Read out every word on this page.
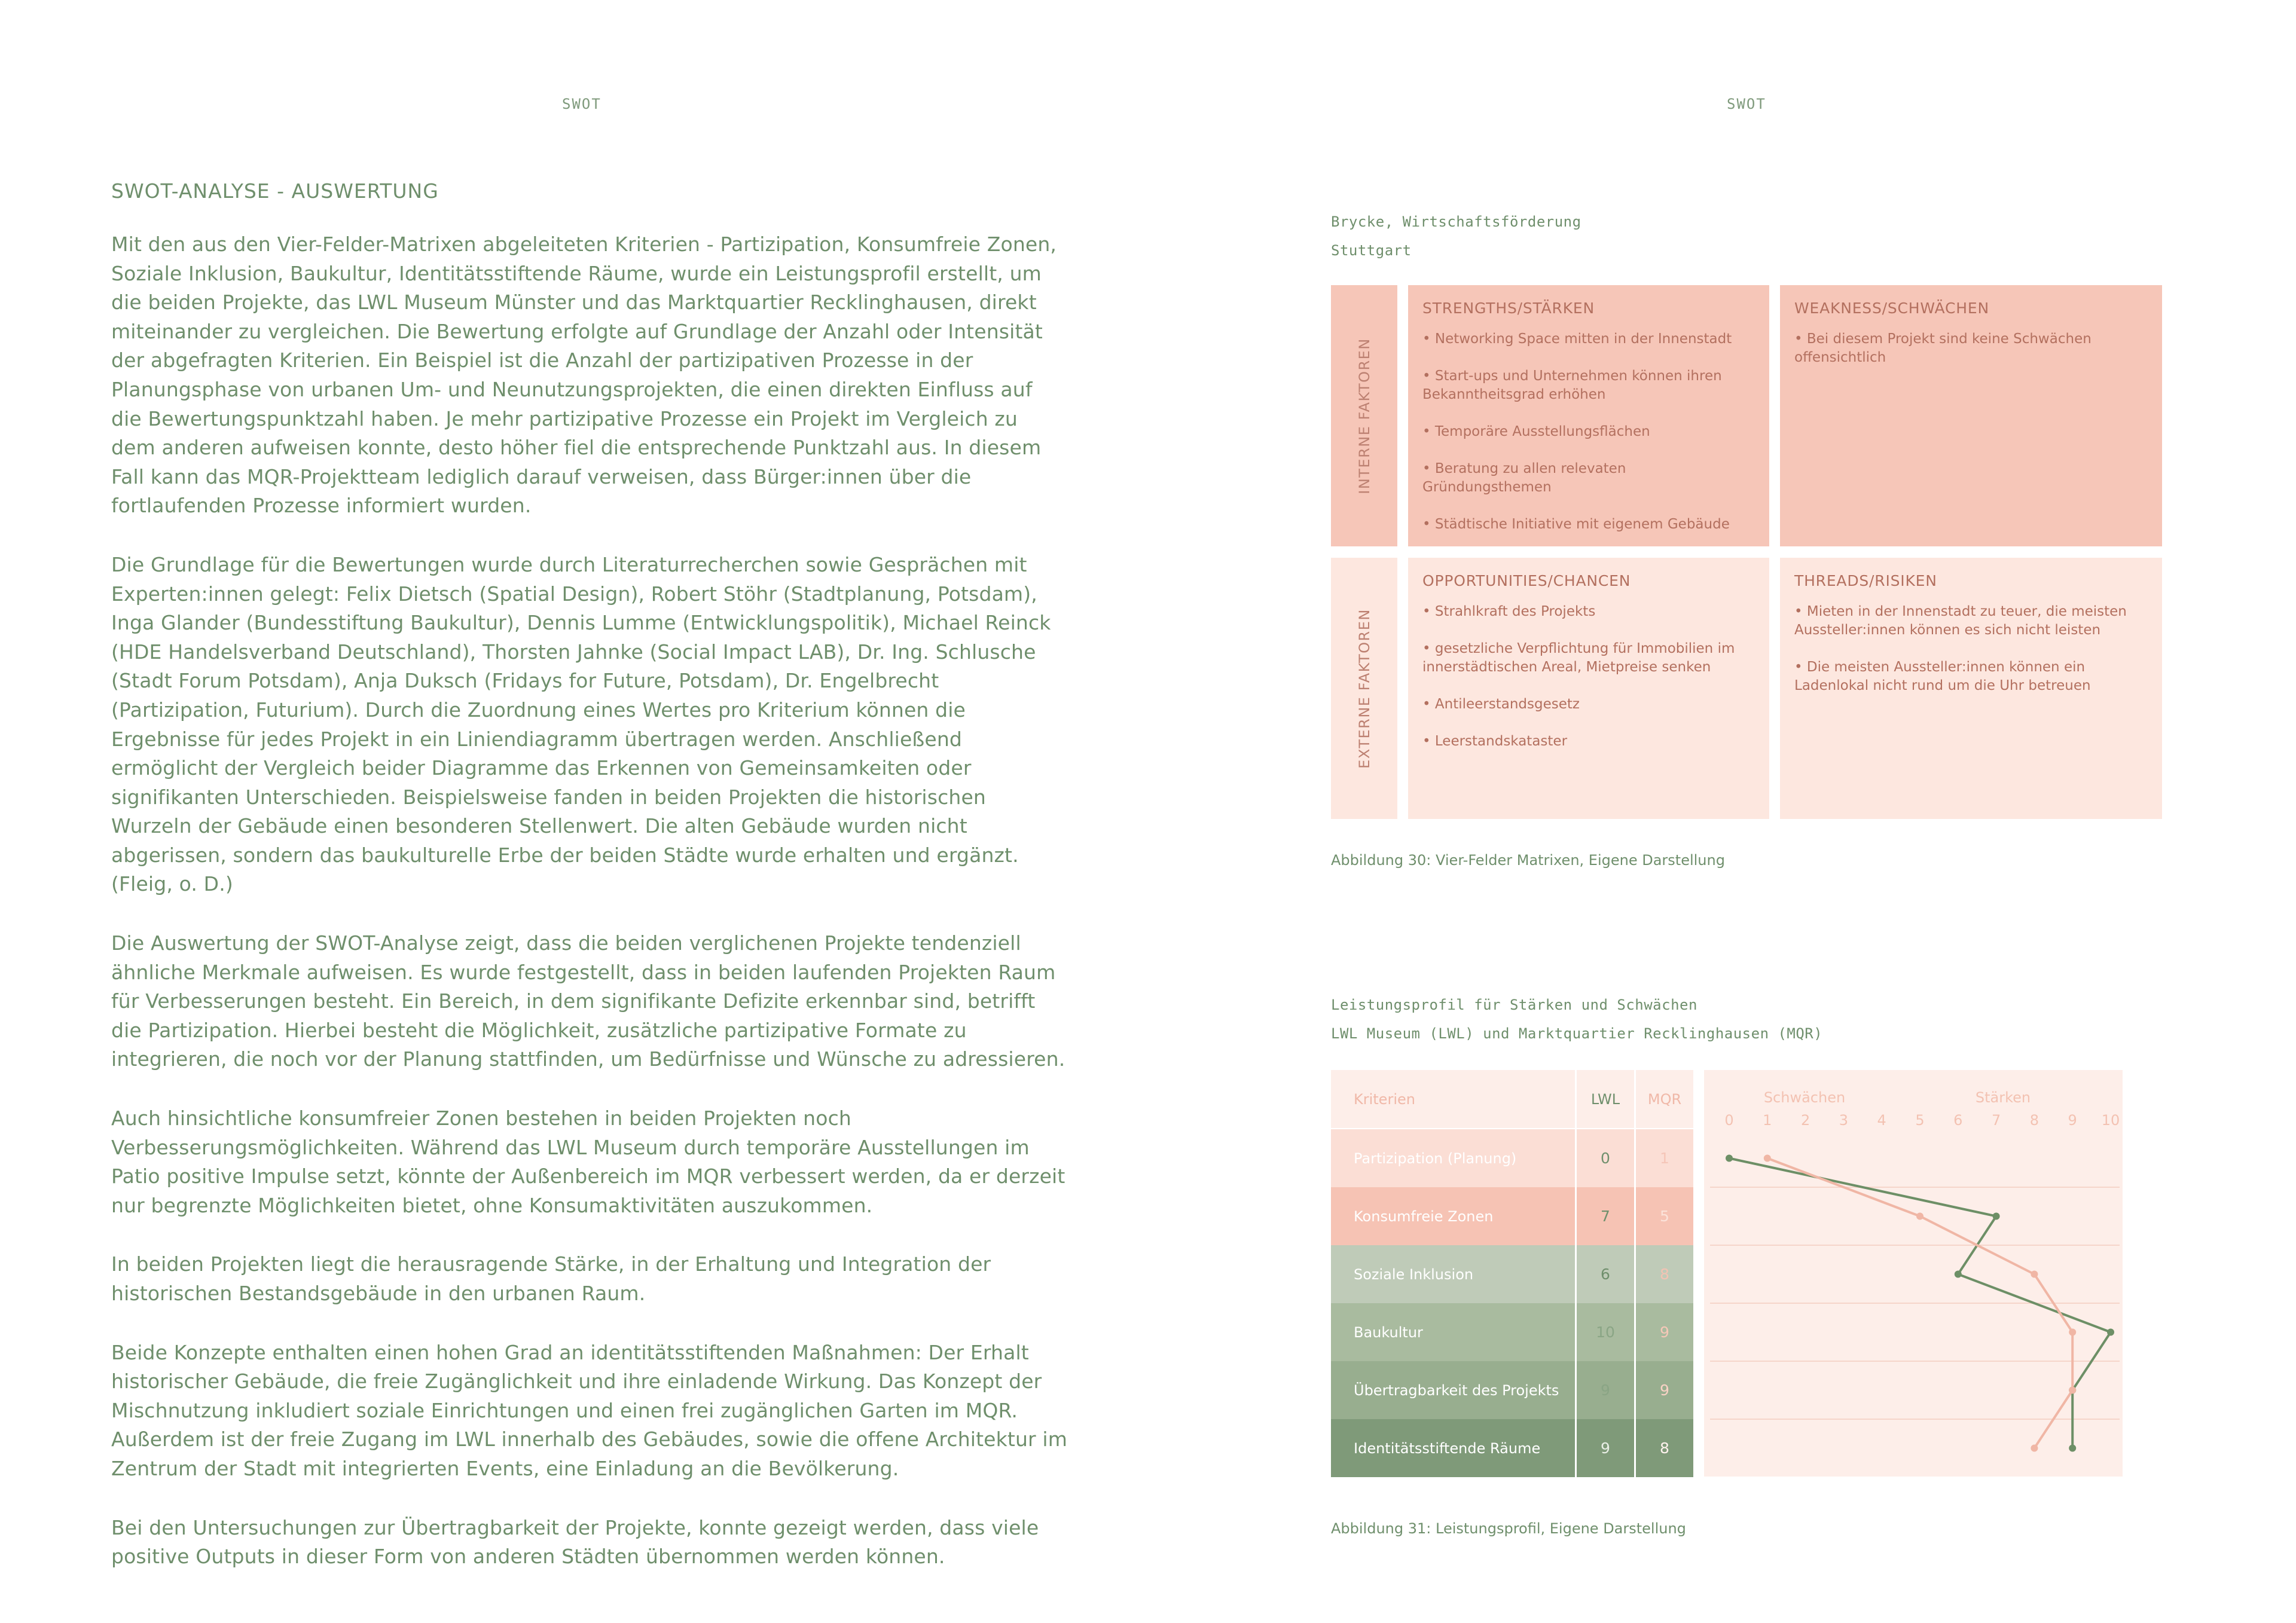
SWOT	SWOT
SWOT-ANALYSE - AUSWERTUNG

Mit den aus den Vier-Felder-Matrixen abgeleiteten Kriterien - Partizipation, Konsumfreie Zonen, Soziale Inklusion, Baukultur, Identitätsstiftende Räume, wurde ein Leistungsprofil erstellt, um die beiden Projekte, das LWL Museum Münster und das Marktquartier Recklinghausen, direkt miteinander zu vergleichen. Die Bewertung erfolgte auf Grundlage der Anzahl oder Intensität der abgefragten Kriterien. Ein Beispiel ist die Anzahl der partizipativen Prozesse in der Planungsphase von urbanen Um- und Neunutzungsprojekten, die einen direkten Einfluss auf die Bewertungspunktzahl haben. Je mehr partizipative Prozesse ein Projekt im Vergleich zu dem anderen aufweisen konnte, desto höher fiel die entsprechende Punktzahl aus. In diesem Fall kann das MQR-Projektteam lediglich darauf verweisen, dass Bürger:innen über die fortlaufenden Prozesse informiert wurden.

Die Grundlage für die Bewertungen wurde durch Literaturrecherchen sowie Gesprächen mit Experten:innen gelegt: Felix Dietsch (Spatial Design), Robert Stöhr (Stadtplanung, Potsdam), Inga Glander (Bundesstiftung Baukultur), Dennis Lumme (Entwicklungspolitik), Michael Reinck (HDE Handelsverband Deutschland), Thorsten Jahnke (Social Impact LAB), Dr. Ing. Schlusche (Stadt Forum Potsdam), Anja Duksch (Fridays for Future, Potsdam), Dr. Engelbrecht (Partizipation, Futurium). Durch die Zuordnung eines Wertes pro Kriterium können die Ergebnisse für jedes Projekt in ein Liniendiagramm übertragen werden. Anschließend ermöglicht der Vergleich beider Diagramme das Erkennen von Gemeinsamkeiten oder signifikanten Unterschieden. Beispielsweise fanden in beiden Projekten die historischen Wurzeln der Gebäude einen besonderen Stellenwert. Die alten Gebäude wurden nicht abgerissen, sondern das baukulturelle Erbe der beiden Städte wurde erhalten und ergänzt. (Fleig, o. D.)

Die Auswertung der SWOT-Analyse zeigt, dass die beiden verglichenen Projekte tendenziell ähnliche Merkmale aufweisen. Es wurde festgestellt, dass in beiden laufenden Projekten Raum für Verbesserungen besteht. Ein Bereich, in dem signifikante Defizite erkennbar sind, betrifft die Partizipation. Hierbei besteht die Möglichkeit, zusätzliche partizipative Formate zu integrieren, die noch vor der Planung stattfinden, um Bedürfnisse und Wünsche zu adressieren.

Auch hinsichtliche konsumfreier Zonen bestehen in beiden Projekten noch Verbesserungsmöglichkeiten. Während das LWL Museum durch temporäre Ausstellungen im Patio positive Impulse setzt, könnte der Außenbereich im MQR verbessert werden, da er derzeit nur begrenzte Möglichkeiten bietet, ohne Konsumaktivitäten auszukommen.

In beiden Projekten liegt die herausragende Stärke, in der Erhaltung und Integration der historischen Bestandsgebäude in den urbanen Raum.

Beide Konzepte enthalten einen hohen Grad an identitätsstiftenden Maßnahmen: Der Erhalt historischer Gebäude, die freie Zugänglichkeit und ihre einladende Wirkung. Das Konzept der Mischnutzung inkludiert soziale Einrichtungen und einen frei zugänglichen Garten im MQR. Außerdem ist der freie Zugang im LWL innerhalb des Gebäudes, sowie die offene Architektur im Zentrum der Stadt mit integrierten Events, eine Einladung an die Bevölkerung.

Bei den Untersuchungen zur Übertragbarkeit der Projekte, konnte gezeigt werden, dass viele positive Outputs in dieser Form von anderen Städten übernommen werden können.

Brycke, Wirtschaftsförderung
Stuttgart
INTERNE FAKTOREN
EXTERNE FAKTOREN
STRENGTHS/STÄRKEN
• Networking Space mitten in der Innenstadt
• Start-ups und Unternehmen können ihren Bekanntheitsgrad erhöhen
• Temporäre Ausstellungsflächen
• Beratung zu allen relevaten Gründungsthemen
• Städtische Initiative mit eigenem Gebäude
WEAKNESS/SCHWÄCHEN
• Bei diesem Projekt sind keine Schwächen offensichtlich
OPPORTUNITIES/CHANCEN
• Strahlkraft des Projekts
• gesetzliche Verpflichtung für Immobilien im innerstädtischen Areal, Mietpreise senken
• Antileerstandsgesetz
• Leerstandskataster
THREADS/RISIKEN
• Mieten in der Innenstadt zu teuer, die meisten Aussteller:innen können es sich nicht leisten
• Die meisten Aussteller:innen können ein Ladenlokal nicht rund um die Uhr betreuen
Abbildung 30: Vier-Felder Matrixen, Eigene Darstellung
Leistungsprofil für Stärken und Schwächen
LWL Museum (LWL) und Marktquartier Recklinghausen (MQR)
Kriterien	LWL	MQR
Partizipation (Planung)	0	1
Konsumfreie Zonen	7	5
Soziale Inklusion	6	8
Baukultur	10	9
Übertragbarkeit des Projekts	9	9
Identitätsstiftende Räume	9	8
Schwächen	Stärken
0 1 2 3 4 5 6 7 8 9 10
Abbildung 31: Leistungsprofil, Eigene Darstellung
